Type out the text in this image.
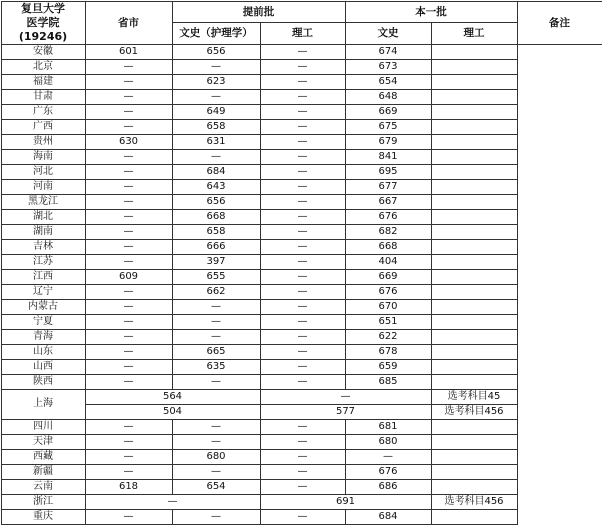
复旦大学
医学院
(19246)	省市	提前批		本一批		备注
		文史（护理学）	理工	文史	理工	
安徽	601	656	—	674		
北京	—	—	—	673		
福建	—	623	—	654		
甘肃	—	—	—	648		
广东	—	649	—	669		
广西	—	658	—	675		
贵州	630	631	—	679		
海南	—	—	—	841		
河北	—	684	—	695		
河南	—	643	—	677		
黑龙江	—	656	—	667		
湖北	—	668	—	676		
湖南	—	658	—	682		
吉林	—	666	—	668		
江苏	—	397	—	404		
江西	609	655	—	669		
辽宁	—	662	—	676		
内蒙古	—	—	—	670		
宁夏	—	—	—	651		
青海	—	—	—	622		
山东	—	665	—	678		
山西	—	635	—	659		
陕西	—	—	—	685		
上海	564		—		选考科目45	
	504		577		选考科目456	
四川	—	—	—	681		
天津	—	—	—	680		
西藏	—	680	—	—		
新疆	—	—	—	676		
云南	618	654	—	686		
浙江	—		691		选考科目456	
重庆	—	—	—	684		
